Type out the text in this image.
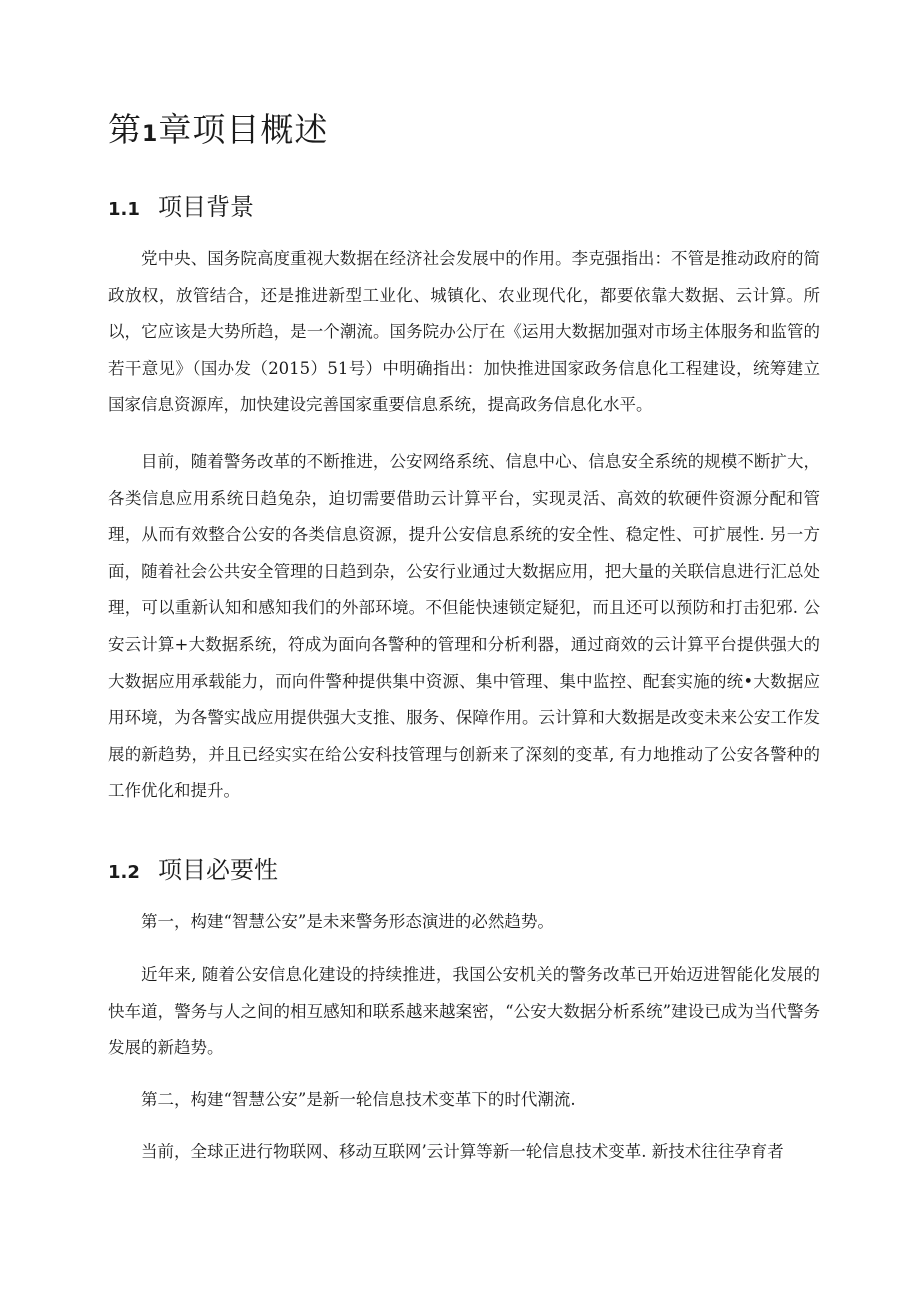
第1章项目概述
1.1 项目背景

党中央、国务院高度重视大数据在经济社会发展中的作用。李克强指出：不管是推动政府的简政放权，放管结合，还是推进新型工业化、城镇化、农业现代化，都要依靠大数据、云计算。所以，它应该是大势所趋，是一个潮流。国务院办公厅在《运用大数据加强对市场主体服务和监管的若干意见》（国办发（2015）51号）中明确指出：加快推进国家政务信息化工程建设，统筹建立国家信息资源库，加快建设完善国家重要信息系统，提高政务信息化水平。

目前，随着警务改革的不断推进，公安网络系统、信息中心、信息安全系统的规模不断扩大，各类信息应用系统日趋兔杂，迫切需要借助云计算平台，实现灵活、高效的软硬件资源分配和管理，从而有效整合公安的各类信息资源，提升公安信息系统的安全性、稳定性、可扩展性. 另一方面，随着社会公共安全管理的日趋到杂，公安行业通过大数据应用，把大量的关联信息进行汇总处理，可以重新认知和感知我们的外部环境。不但能快速锁定疑犯，而且还可以预防和打击犯邪. 公安云计算+大数据系统，符成为面向各警种的管理和分析利器，通过商效的云计算平台提供强大的大数据应用承载能力，而向件警种提供集中资源、集中管理、集中监控、配套实施的统•大数据应用环境，为各警实战应用提供强大支推、服务、保障作用。云计算和大数据是改变未来公安工作发展的新趋势，并且已经实实在给公安科技管理与创新来了深刻的变革, 有力地推动了公安各警种的工作优化和提升。

1.2 项目必要性

第一，构建“智慧公安”是未来警务形态演进的必然趋势。

近年来, 随着公安信息化建设的持续推进，我国公安机关的警务改革已开始迈进智能化发展的快车道，警务与人之间的相互感知和联系越来越案密，“公安大数据分析系统”建设已成为当代警务发展的新趋势。

第二，构建“智慧公安”是新一轮信息技术变革下的时代潮流.

当前，全球正进行物联网、移动互联网’云计算等新一轮信息技术变革. 新技术往往孕育者
